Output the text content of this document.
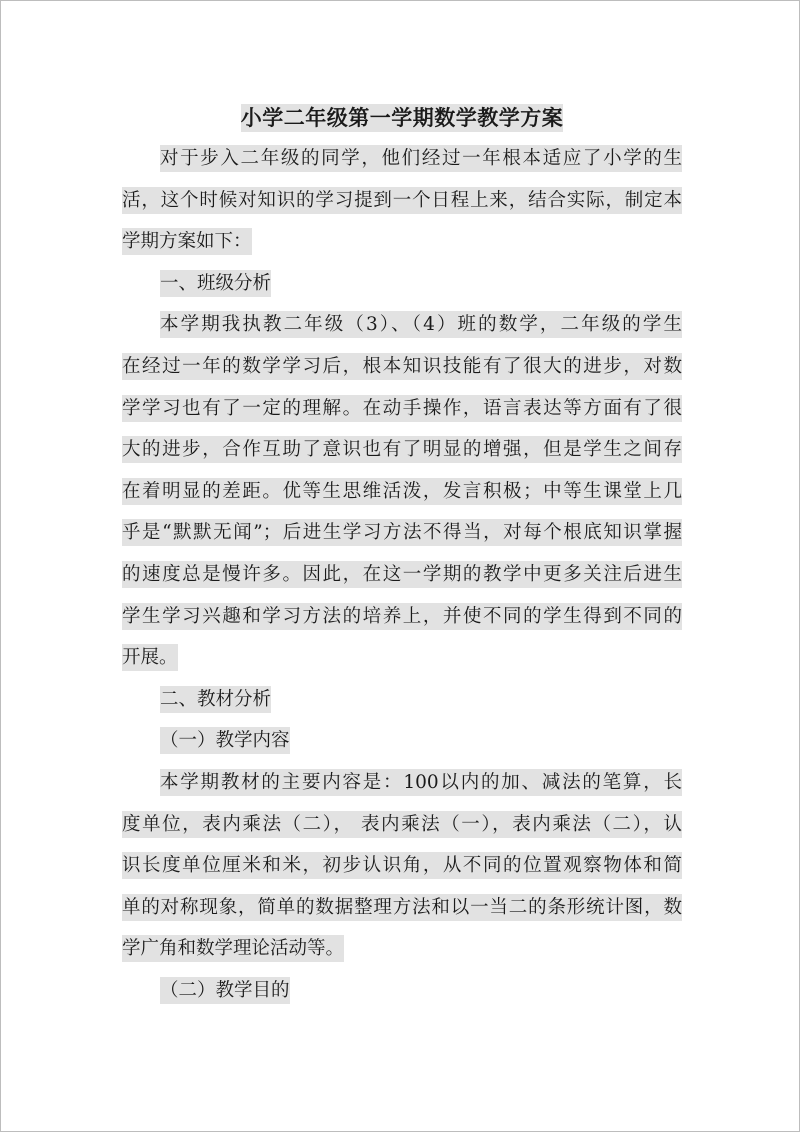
小学二年级第一学期数学教学方案
对于步入二年级的同学，他们经过一年根本适应了小学的生
活，这个时候对知识的学习提到一个日程上来，结合实际，制定本
学期方案如下：
一、班级分析
本学期我执教二年级（3）、（4）班的数学，二年级的学生
在经过一年的数学学习后，根本知识技能有了很大的进步，对数
学学习也有了一定的理解。在动手操作，语言表达等方面有了很
大的进步，合作互助了意识也有了明显的增强，但是学生之间存
在着明显的差距。优等生思维活泼，发言积极；中等生课堂上几
乎是“默默无闻”；后进生学习方法不得当，对每个根底知识掌握
的速度总是慢许多。因此，在这一学期的教学中更多关注后进生
学生学习兴趣和学习方法的培养上，并使不同的学生得到不同的
开展。
二、教材分析
（一）教学内容
本学期教材的主要内容是：100以内的加、减法的笔算，长
度单位，表内乘法（二）， 表内乘法（一），表内乘法（二），认
识长度单位厘米和米，初步认识角，从不同的位置观察物体和简
单的对称现象，简单的数据整理方法和以一当二的条形统计图，数
学广角和数学理论活动等。
（二）教学目的
